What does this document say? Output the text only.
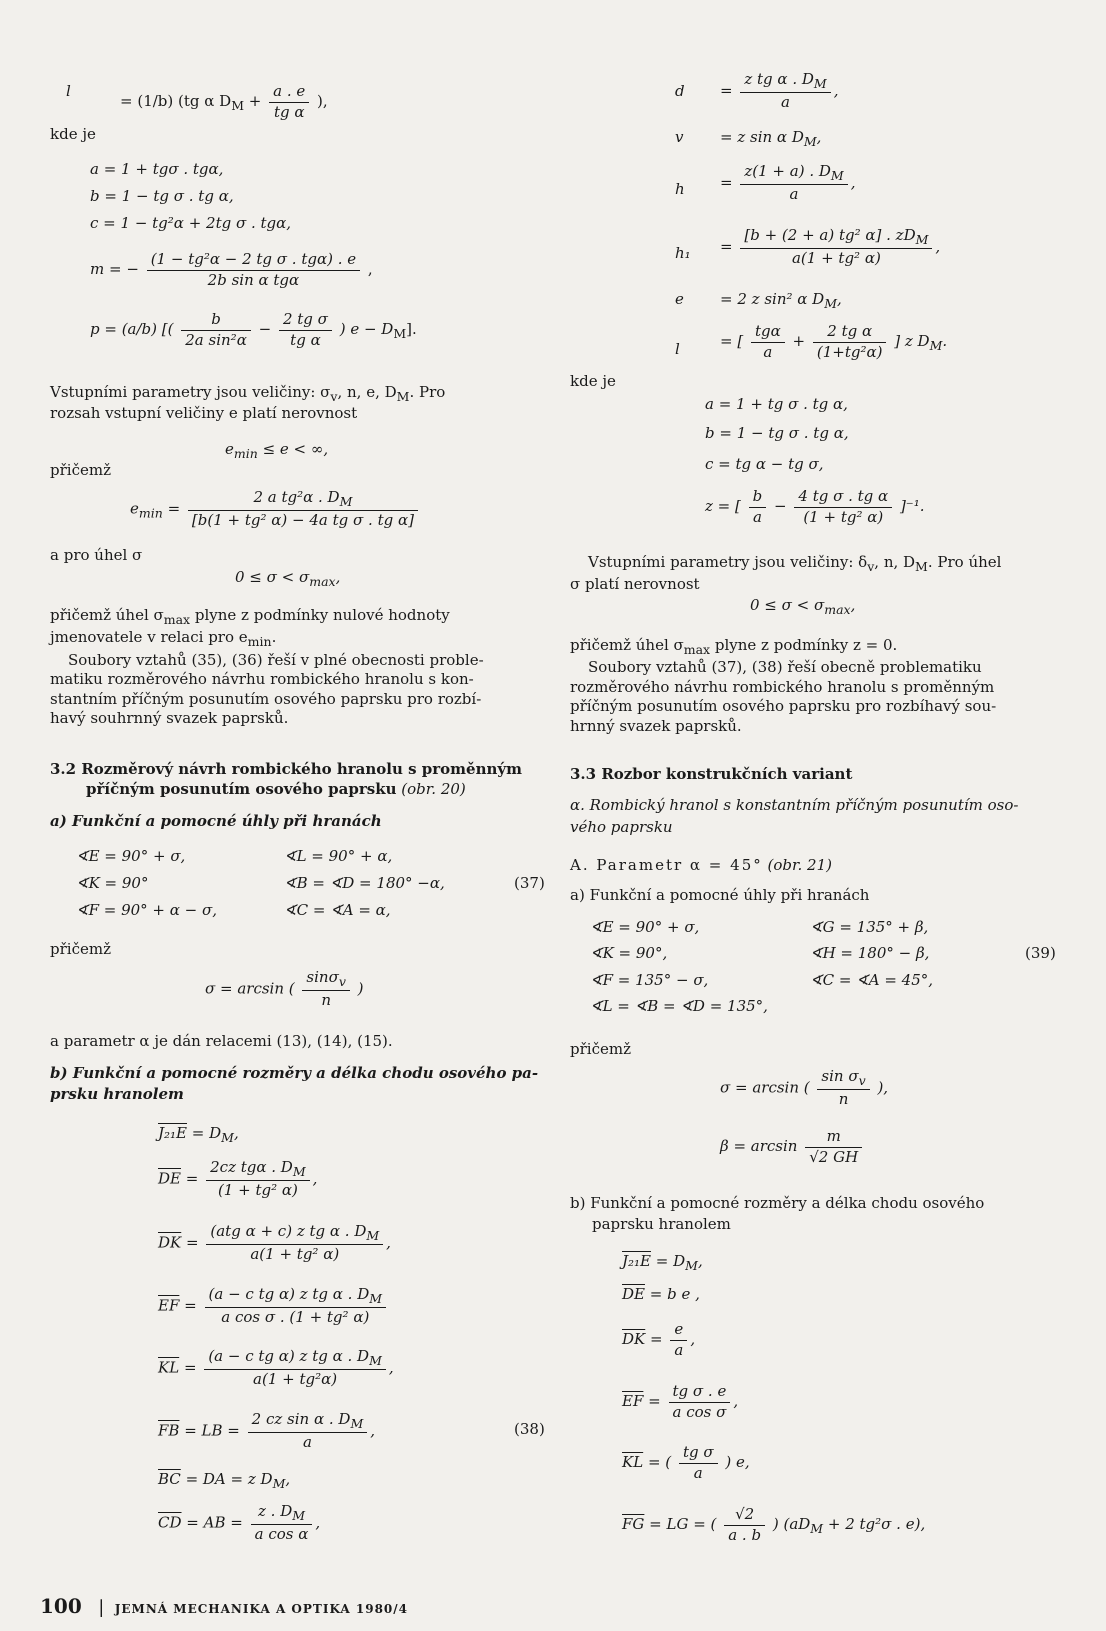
l
= (1/b) (tg α $D_M + \frac{a . e}{\text{tg α}}$ ),
kde je
a = 1 + tgσ . tgα,
b = 1 − tg σ . tg α,
c = 1 − tg²α + 2tg σ . tgα,
m = − $\frac{\text{(1 − tg²α − 2 tg σ . tgα) . e}}{\text{2b sin α tgα}}$ ,
p = (a/b) [( $\frac{b}{\text{2a sin²α}} - \frac{\text{2 tg σ}}{\text{tg α}}$ ) $e - D_M$].
Vstupními parametry jsou veličiny: $\sigma_v$, n, e, $D_M$. Pro
rozsah vstupní veličiny e platí nerovnost
$e_{min} \le e$ < ∞,
přičemž
$e_{min} = \frac{2 a tg^2\alpha . D_M}{\text{[b(1 + tg² α) − 4a tg σ . tg α]}}$
a pro úhel σ
$0 \le \sigma < \sigma_{max}$,
přičemž úhel $\sigma_{max}$ plyne z podmínky nulové hodnoty
jmenovatele v relaci pro $e_{min}$.
Soubory vztahů (35), (36) řeší v plné obecnosti proble-
matiku rozměrového návrhu rombického hranolu s kon-
stantním příčným posunutím osového paprsku pro rozbí-
havý souhrnný svazek paprsků.
3.2 Rozměrový návrh rombického hranolu s proměnným
příčným posunutím osového paprsku (obr. 20)
a) Funkční a pomocné úhly při hranách
∢E = 90° + σ,	∢L = 90° + α,
∢K = 90°	∢B = ∢D = 180° −α,	(37)
∢F = 90° + α − σ,	∢C = ∢A = α,
přičemž
σ = arcsin ( $\frac{\sin\sigma_v}{n}$ )
a parametr α je dán relacemi (13), (14), (15).
b) Funkční a pomocné rozměry a délka chodu osového pa-
prsku hranolem
$J_{21}E = D_M$,
$\overline{DE} = \frac{2cz tg\alpha . D_M}{\text{(1 + tg² α)}}$ ,
$\overline{DK} = \frac{(atg \alpha + c) z tg \alpha . D_M}{\text{a(1 + tg² α)}}$ ,
$\overline{EF} = \frac{(a - c tg \alpha) z tg \alpha . D_M}{\text{a cos σ . (1 + tg² α)}}$
$\overline{KL} = \frac{(a - c tg \alpha) z tg \alpha . D_M}{\text{a(1 + tg²α)}}$ ,
$\overline{FB}$ = LB = $\frac{2 cz \sin \alpha . D_M}{a}$ ,	(38)
$\overline{BC}$ = DA = z $D_M$,
$\overline{CD}$ = AB = $\frac{z . D_M}{\text{a cos α}}$ ,
$d = \frac{z tg \alpha . D_M}{a}$ ,
v = z sin α $D_M$,
$h = \frac{z(1 + a) . D_M}{a}$ ,
$h_1 = \frac{[b + (2 + a) tg^2 \alpha] . zD_M}{\text{a(1 + tg² α)}}$ ,
e = 2 z sin² α $D_M$,
l	= [ $\frac{\text{tgα}}{a} + \frac{\text{2 tg α}}{\text{(1+tg²α)}}$ ] z $D_M$.
kde je
a = 1 + tg σ . tg α,
b = 1 − tg σ . tg α,
c = tg α − tg σ,
z = [ $\frac{b}{a} - \frac{\text{4 tg σ . tg α}}{\text{(1 + tg² α)}} ]^{-1}$.
Vstupními parametry jsou veličiny: $\delta_v$, n, $D_M$. Pro úhel
σ platí nerovnost
$0 \le \sigma < \sigma_{max}$,
přičemž úhel $\sigma_{max}$ plyne z podmínky z = 0.
Soubory vztahů (37), (38) řeší obecně problematiku
rozměrového návrhu rombického hranolu s proměnným
příčným posunutím osového paprsku pro rozbíhavý sou-
hrnný svazek paprsků.
3.3 Rozbor konstrukčních variant
α. Rombický hranol s konstantním příčným posunutím oso-
vého paprsku
A. Parametr α = 45° (obr. 21)
a) Funkční a pomocné úhly při hranách
∢E = 90° + σ,	∢G = 135° + β,
∢K = 90°,	∢H = 180° − β,	(39)
∢F = 135° − σ,	∢C = ∢A = 45°,
∢L = ∢B = ∢D = 135°,
přičemž
σ = arcsin ( $\frac{\sin \sigma_v}{n}$ ),
$\beta = \arcsin \frac{m}{√2 GH}$
b) Funkční a pomocné rozměry a délka chodu osového
paprsku hranolem
$J_{21}E = D_M$,
$\overline{DE} = b$ e ,
$\overline{DK} = \frac{e}{a}$ ,
$\overline{EF} = \frac{\text{tg σ . e}}{\text{a cos σ}}$ ,
$\overline{KL}$ = ( $\frac{\text{tg σ}}{a}$ ) e,
$\overline{FG}$ = LG = ( $\frac{√2}{a . b}$ ) ($aD_M + 2$ tg²σ . e),
100 | JEMNÁ MECHANIKA A OPTIKA 1980/4
